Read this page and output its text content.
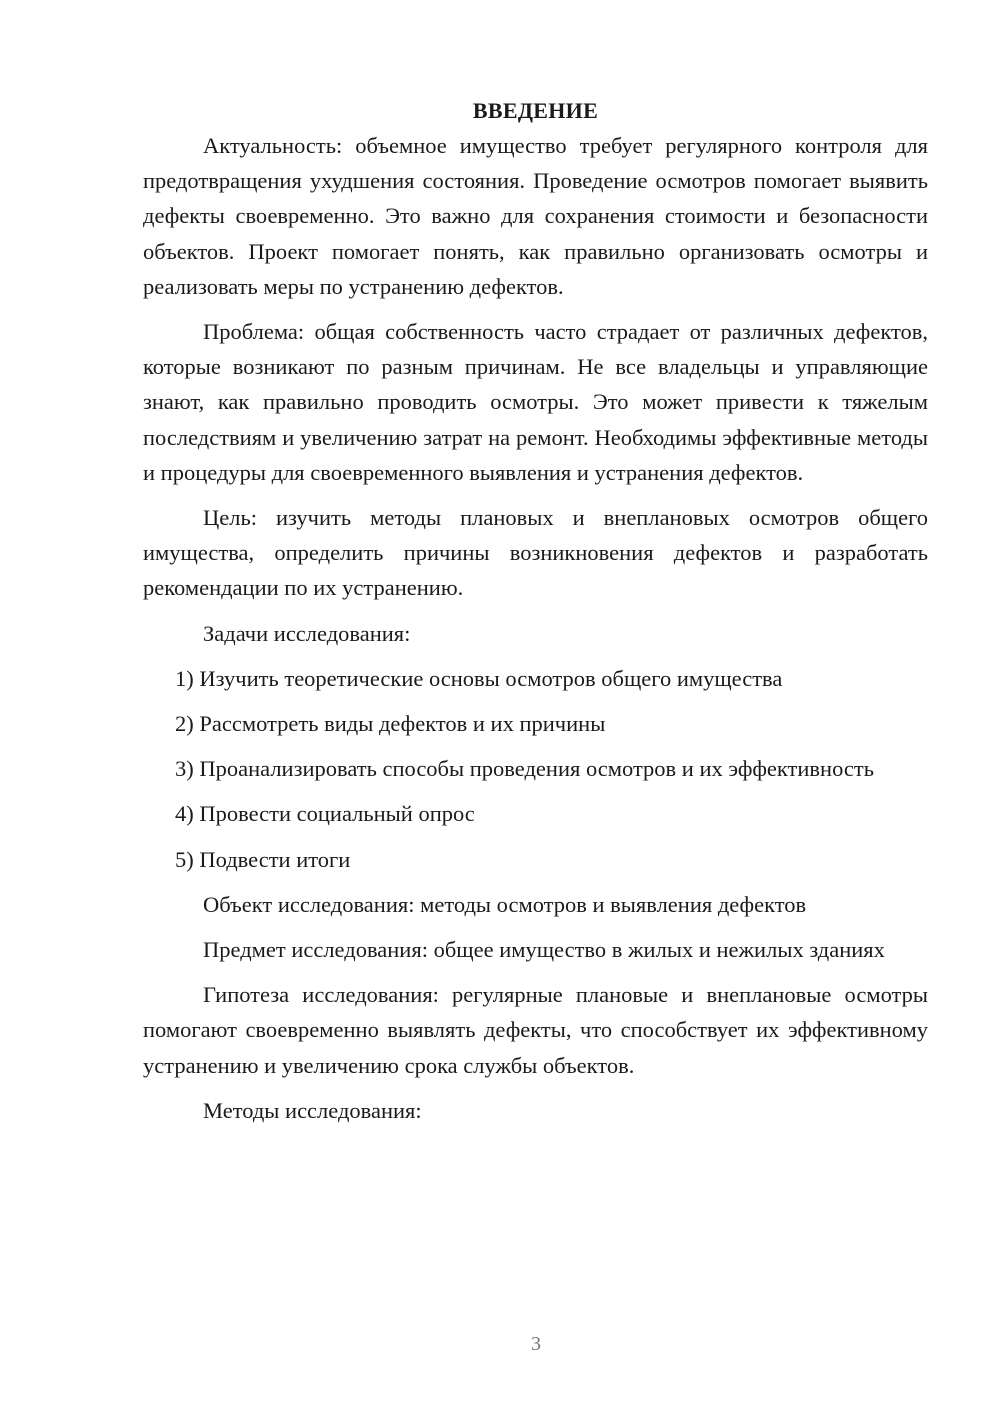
ВВЕДЕНИЕ

Актуальность: объемное имущество требует регулярного контроля для предотвращения ухудшения состояния. Проведение осмотров помогает выявить дефекты своевременно. Это важно для сохранения стоимости и безопасности объектов. Проект помогает понять, как правильно организовать осмотры и реализовать меры по устранению дефектов.

Проблема: общая собственность часто страдает от различных дефектов, которые возникают по разным причинам. Не все владельцы и управляющие знают, как правильно проводить осмотры. Это может привести к тяжелым последствиям и увеличению затрат на ремонт. Необходимы эффективные методы и процедуры для своевременного выявления и устранения дефектов.

Цель: изучить методы плановых и внеплановых осмотров общего имущества, определить причины возникновения дефектов и разработать рекомендации по их устранению.

Задачи исследования:

1) Изучить теоретические основы осмотров общего имущества

2) Рассмотреть виды дефектов и их причины

3) Проанализировать способы проведения осмотров и их эффективность

4) Провести социальный опрос

5) Подвести итоги

Объект исследования: методы осмотров и выявления дефектов

Предмет исследования: общее имущество в жилых и нежилых зданиях

Гипотеза исследования: регулярные плановые и внеплановые осмотры помогают своевременно выявлять дефекты, что способствует их эффективному устранению и увеличению срока службы объектов.

Методы исследования:

3
